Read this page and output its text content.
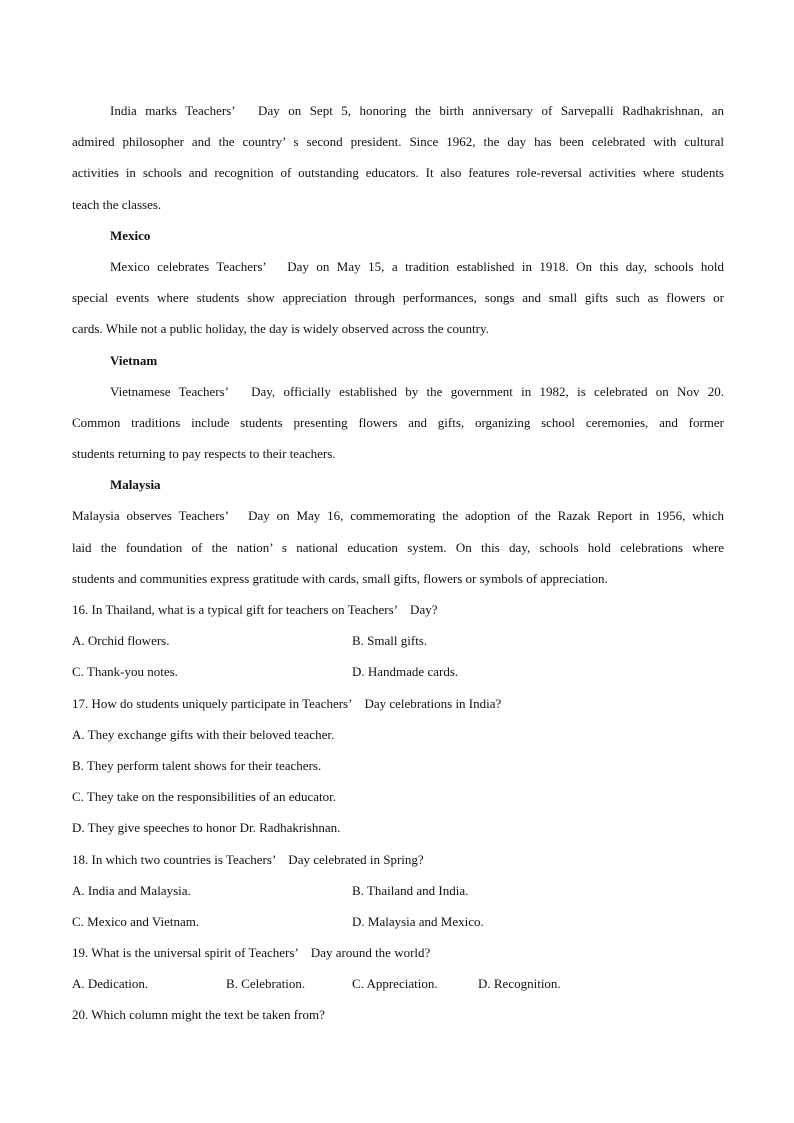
India marks Teachers’　Day on Sept 5, honoring the birth anniversary of Sarvepalli Radhakrishnan, an
admired philosopher and the country’ s second president. Since 1962, the day has been celebrated with cultural
activities in schools and recognition of outstanding educators. It also features role-reversal activities where students
teach the classes.
Mexico
Mexico celebrates Teachers’　Day on May 15, a tradition established in 1918. On this day, schools hold
special events where students show appreciation through performances, songs and small gifts such as flowers or
cards. While not a public holiday, the day is widely observed across the country.
Vietnam
Vietnamese Teachers’　Day, officially established by the government in 1982, is celebrated on Nov 20.
Common traditions include students presenting flowers and gifts, organizing school ceremonies, and former
students returning to pay respects to their teachers.
Malaysia
Malaysia observes Teachers’　Day on May 16, commemorating the adoption of the Razak Report in 1956, which
laid the foundation of the nation’ s national education system. On this day, schools hold celebrations where
students and communities express gratitude with cards, small gifts, flowers or symbols of appreciation.
16. In Thailand, what is a typical gift for teachers on Teachers’　Day?
A. Orchid flowers.	B. Small gifts.
C. Thank-you notes.	D. Handmade cards.
17. How do students uniquely participate in Teachers’　Day celebrations in India?
A. They exchange gifts with their beloved teacher.
B. They perform talent shows for their teachers.
C. They take on the responsibilities of an educator.
D. They give speeches to honor Dr. Radhakrishnan.
18. In which two countries is Teachers’　Day celebrated in Spring?
A. India and Malaysia.	B. Thailand and India.
C. Mexico and Vietnam.	D. Malaysia and Mexico.
19. What is the universal spirit of Teachers’　Day around the world?
A. Dedication.	B. Celebration.	C. Appreciation.	D. Recognition.
20. Which column might the text be taken from?
